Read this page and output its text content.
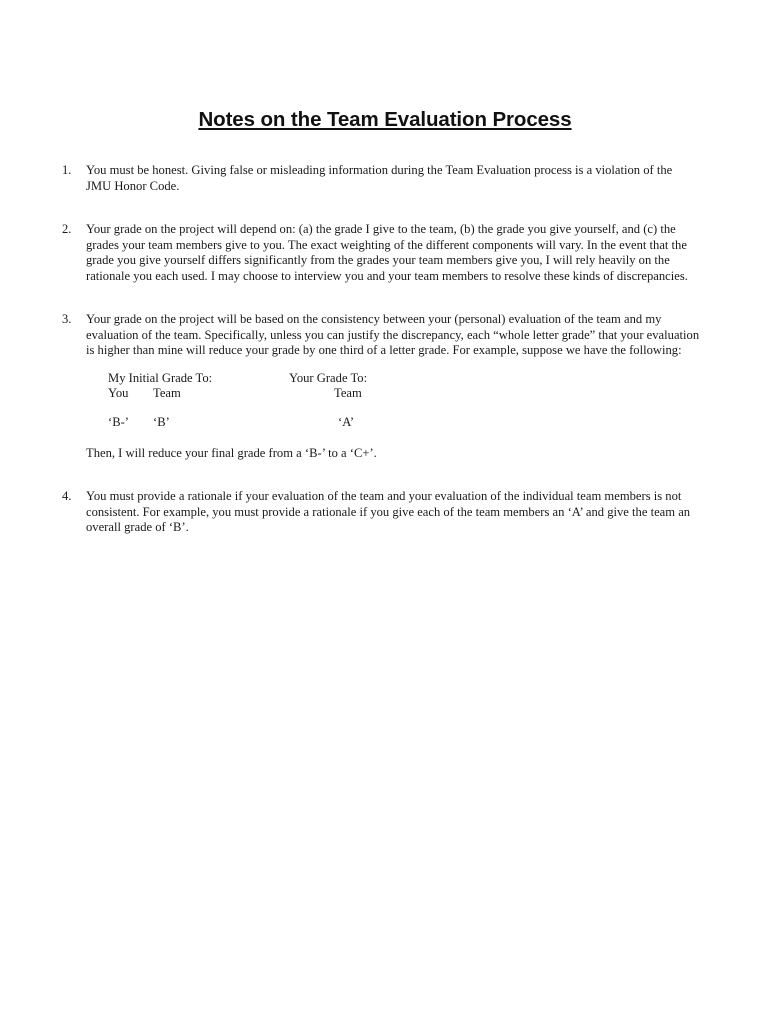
Notes on the Team Evaluation Process
1.	You must be honest. Giving false or misleading information during the Team Evaluation process is a violation of the
JMU Honor Code.
2.	Your grade on the project will depend on: (a) the grade I give to the team, (b) the grade you give yourself, and (c) the
grades your team members give to you. The exact weighting of the different components will vary. In the event that the
grade you give yourself differs significantly from the grades your team members give you, I will rely heavily on the
rationale you each used. I may choose to interview you and your team members to resolve these kinds of discrepancies.
3.	Your grade on the project will be based on the consistency between your (personal) evaluation of the team and my
evaluation of the team. Specifically, unless you can justify the discrepancy, each “whole letter grade” that your evaluation
is higher than mine will reduce your grade by one third of a letter grade. For example, suppose we have the following:
My Initial Grade To:	Your Grade To:
You Team	Team
‘B-’ ‘B’	‘A’
Then, I will reduce your final grade from a ‘B-’ to a ‘C+’.
4.	You must provide a rationale if your evaluation of the team and your evaluation of the individual team members is not
consistent. For example, you must provide a rationale if you give each of the team members an ‘A’ and give the team an
overall grade of ‘B’.
